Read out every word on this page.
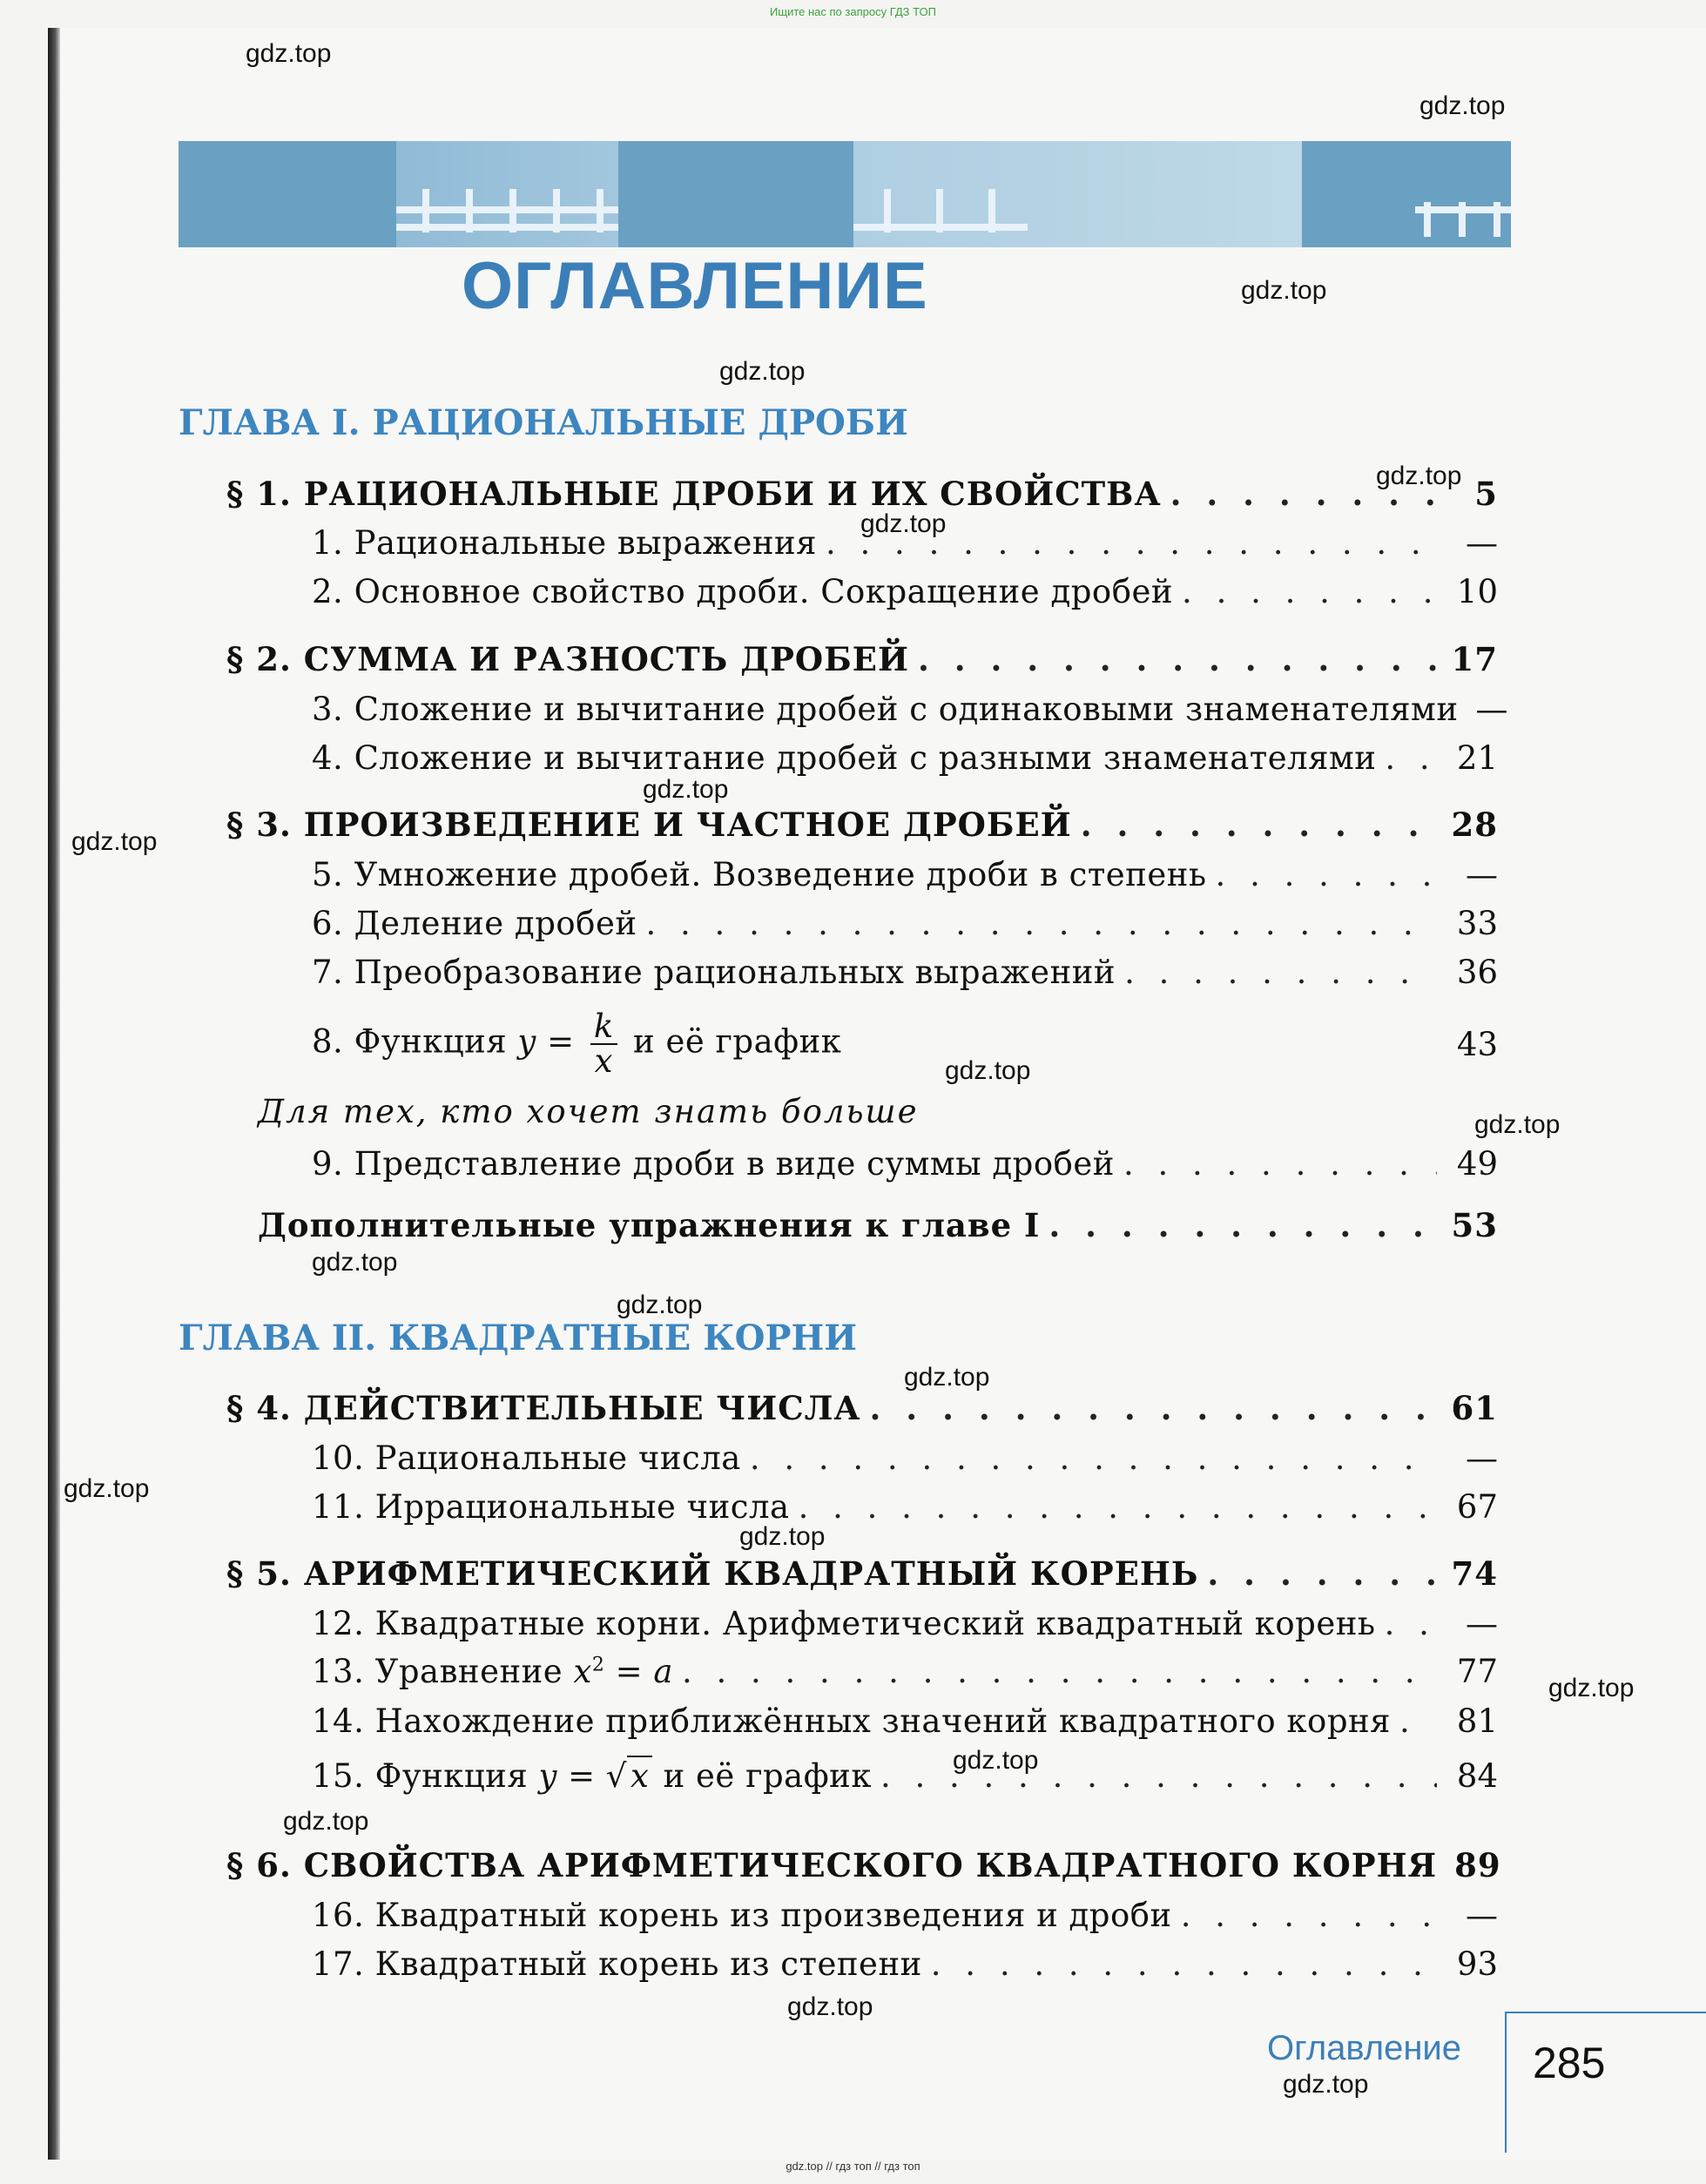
Ищите нас по запросу ГДЗ ТОП
ОГЛАВЛЕНИЕ
ГЛАВА I. РАЦИОНАЛЬНЫЕ ДРОБИ
§ 1. РАЦИОНАЛЬНЫЕ ДРОБИ И ИХ СВОЙСТВА . . .	5
1. Рациональные выражения . . .	—
2. Основное свойство дроби. Сокращение дробей . . .	10
§ 2. СУММА И РАЗНОСТЬ ДРОБЕЙ . . .	17
3. Сложение и вычитание дробей с одинаковыми знаменателями —
4. Сложение и вычитание дробей с разными знаменателями . . .	21
§ 3. ПРОИЗВЕДЕНИЕ И ЧАСТНОЕ ДРОБЕЙ . . .	28
5. Умножение дробей. Возведение дроби в степень . . .	—
6. Деление дробей . . .	33
7. Преобразование рациональных выражений . . .	36
8. Функция $y = \frac{k}{x}$ и её график	43
Для тех, кто хочет знать больше
9. Представление дроби в виде суммы дробей . . .	49
Дополнительные упражнения к главе I . . .	53
ГЛАВА II. КВАДРАТНЫЕ КОРНИ
§ 4. ДЕЙСТВИТЕЛЬНЫЕ ЧИСЛА . . .	61
10. Рациональные числа . . .	—
11. Иррациональные числа . . .	67
§ 5. АРИФМЕТИЧЕСКИЙ КВАДРАТНЫЙ КОРЕНЬ . . .	74
12. Квадратные корни. Арифметический квадратный корень . . .	—
13. Уравнение $x^2 = a$ . . .	77
14. Нахождение приближённых значений квадратного корня . . .	81
15. Функция y = √ x и её график . . .	84
§ 6. СВОЙСТВА АРИФМЕТИЧЕСКОГО КВАДРАТНОГО КОРНЯ 89
16. Квадратный корень из произведения и дроби . . .	—
17. Квадратный корень из степени . . .	93
Оглавление 285
gdz.top
gdz.top
gdz.top
gdz.top
gdz.top
gdz.top
gdz.top
gdz.top
gdz.top
gdz.top
gdz.top
gdz.top
gdz.top
gdz.top
gdz.top
gdz.top
gdz.top
gdz.top
gdz.top
gdz.top
gdz.top // гдз топ // гдз топ
